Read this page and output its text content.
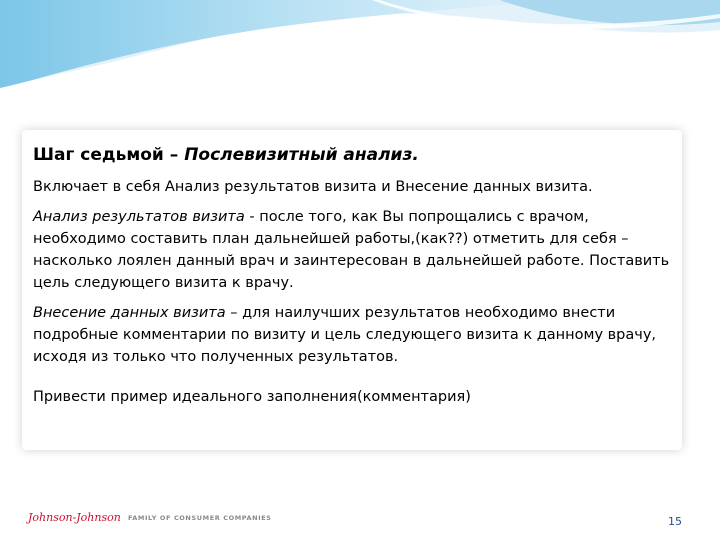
Шаг седьмой – Послевизитный анализ.

Включает в себя Анализ результатов визита и Внесение данных визита.

Анализ результатов визита - после того, как Вы попрощались с врачом, необходимо составить план дальнейшей работы,(как??) отметить для себя – насколько лоялен данный врач и заинтересован в дальнейшей работе. Поставить цель следующего визита к врачу.

Внесение данных визита – для наилучших результатов необходимо внести подробные комментарии по визиту и цель следующего визита к данному врачу, исходя из только что полученных результатов.

Привести пример идеального заполнения(комментария)

Johnson-Johnson FAMILY OF CONSUMER COMPANIES	15
